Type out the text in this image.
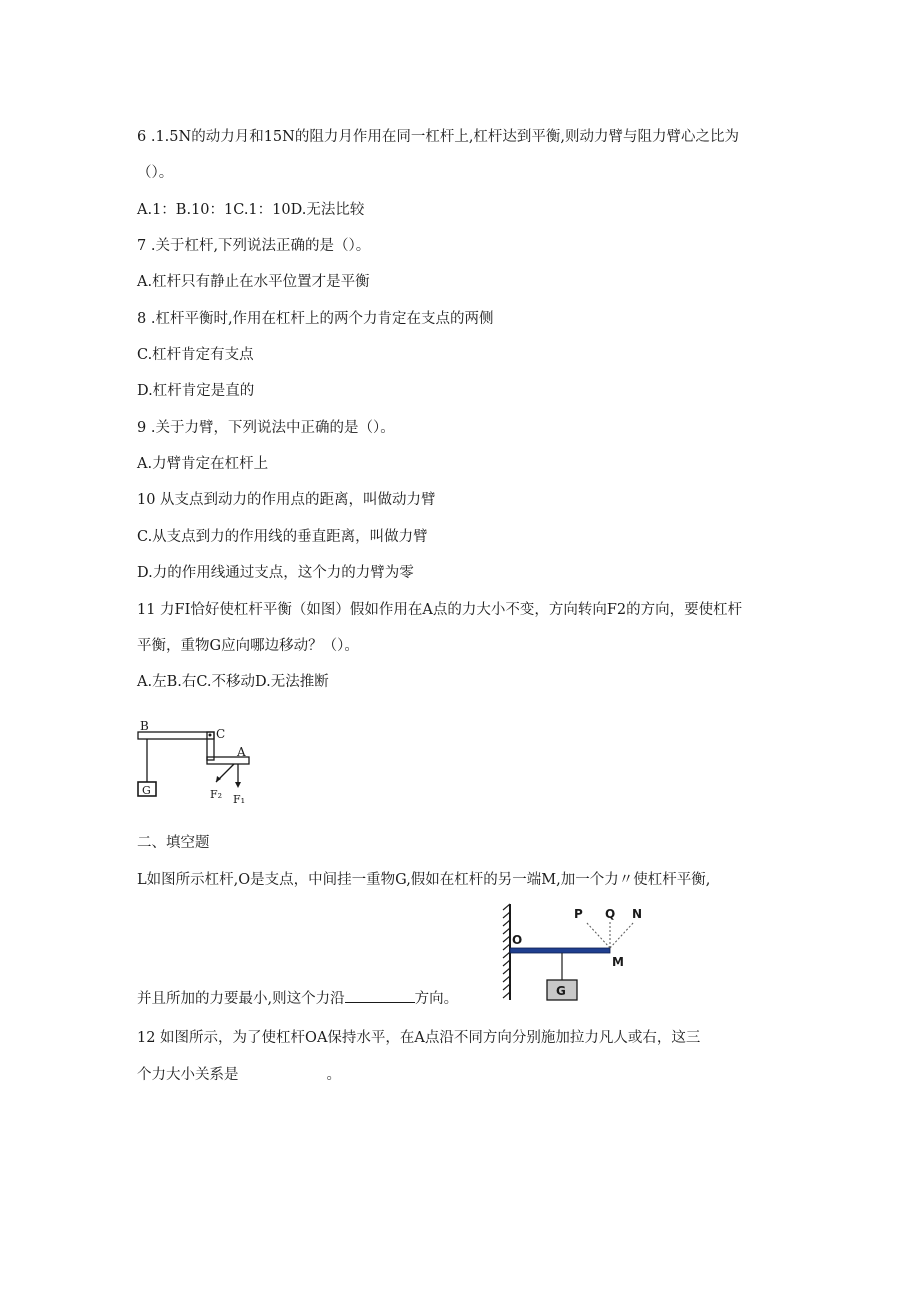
6 .1.5N的动力月和15N的阻力月作用在同一杠杆上,杠杆达到平衡,则动力臂与阻力臂心之比为
（）。
A.1：B.10：1C.1：10D.无法比较
7 .关于杠杆,下列说法正确的是（）。
A.杠杆只有静止在水平位置才是平衡
8 .杠杆平衡时,作用在杠杆上的两个力肯定在支点的两侧
C.杠杆肯定有支点
D.杠杆肯定是直的
9 .关于力臂，下列说法中正确的是（）。
A.力臂肯定在杠杆上
10 从支点到动力的作用点的距离，叫做动力臂
C.从支点到力的作用线的垂直距离，叫做力臂
D.力的作用线通过支点，这个力的力臂为零
11 力FI恰好使杠杆平衡（如图）假如作用在A点的力大小不变，方向转向F2的方向，要使杠杆
平衡，重物G应向哪边移动？（）。
A.左B.右C.不移动D.无法推断
B
C
A
G	F₂ F₁
二、填空题
L如图所示杠杆,O是支点，中间挂一重物G,假如在杠杆的另一端M,加一个力〃使杠杆平衡,
P Q N
O
M
G
并且所加的力要最小,则这个力沿	方向。
12 如图所示，为了使杠杆OA保持水平，在A点沿不同方向分别施加拉力凡人或右，这三
个力大小关系是	。
